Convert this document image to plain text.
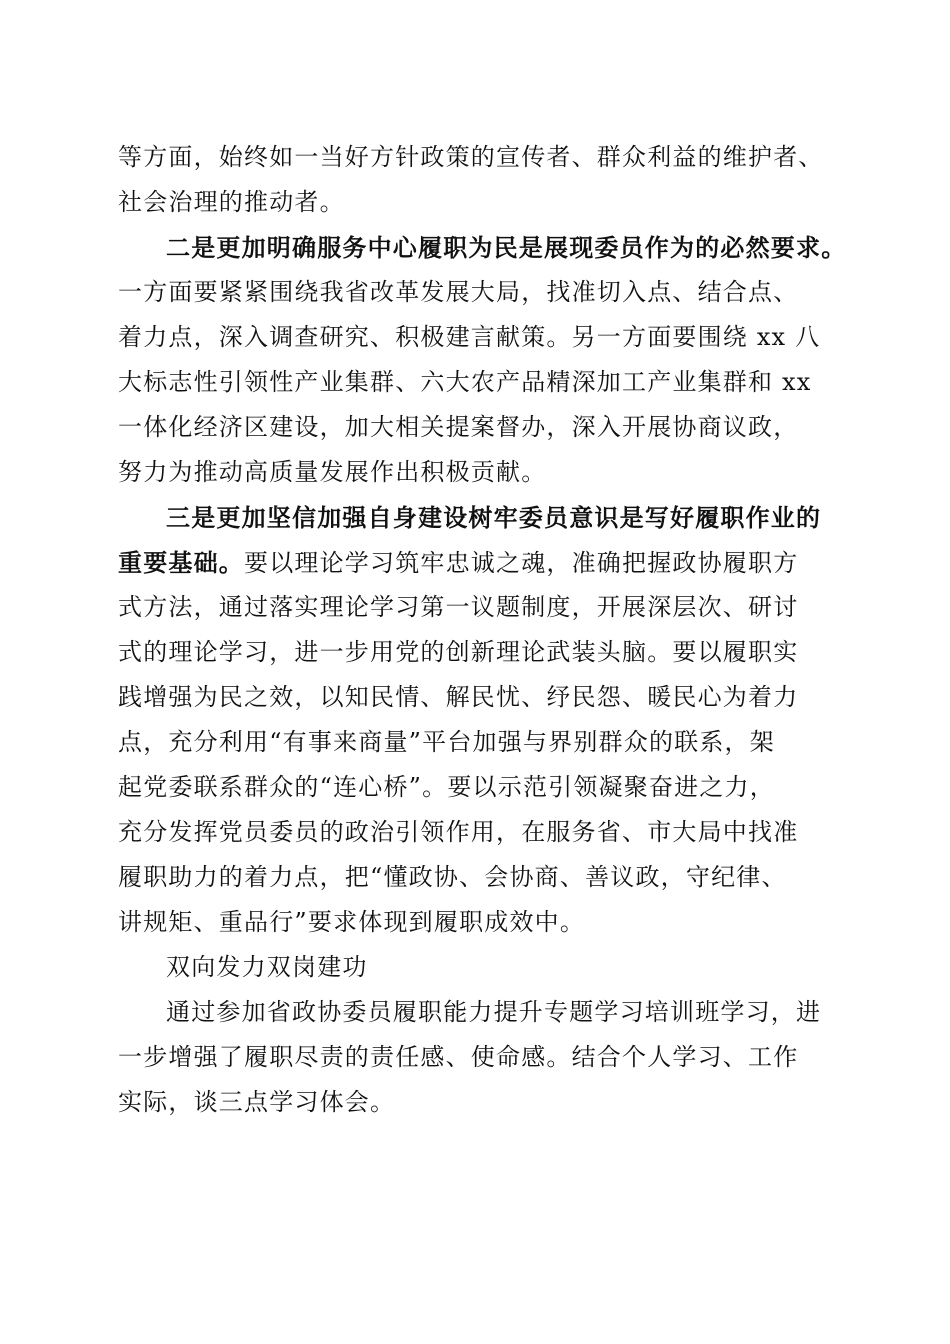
等方面，始终如一当好方针政策的宣传者、群众利益的维护者、
社会治理的推动者。
二是更加明确服务中心履职为民是展现委员作为的必然要求。
一方面要紧紧围绕我省改革发展大局，找准切入点、结合点、
着力点，深入调查研究、积极建言献策。另一方面要围绕 xx 八
大标志性引领性产业集群、六大农产品精深加工产业集群和 xx
一体化经济区建设，加大相关提案督办，深入开展协商议政，
努力为推动高质量发展作出积极贡献。
三是更加坚信加强自身建设树牢委员意识是写好履职作业的
重要基础。要以理论学习筑牢忠诚之魂，准确把握政协履职方
式方法，通过落实理论学习第一议题制度，开展深层次、研讨
式的理论学习，进一步用党的创新理论武装头脑。要以履职实
践增强为民之效，以知民情、解民忧、纾民怨、暖民心为着力
点，充分利用“有事来商量”平台加强与界别群众的联系，架
起党委联系群众的“连心桥”。要以示范引领凝聚奋进之力，
充分发挥党员委员的政治引领作用，在服务省、市大局中找准
履职助力的着力点，把“懂政协、会协商、善议政，守纪律、
讲规矩、重品行”要求体现到履职成效中。
双向发力双岗建功
通过参加省政协委员履职能力提升专题学习培训班学习，进
一步增强了履职尽责的责任感、使命感。结合个人学习、工作
实际，谈三点学习体会。
